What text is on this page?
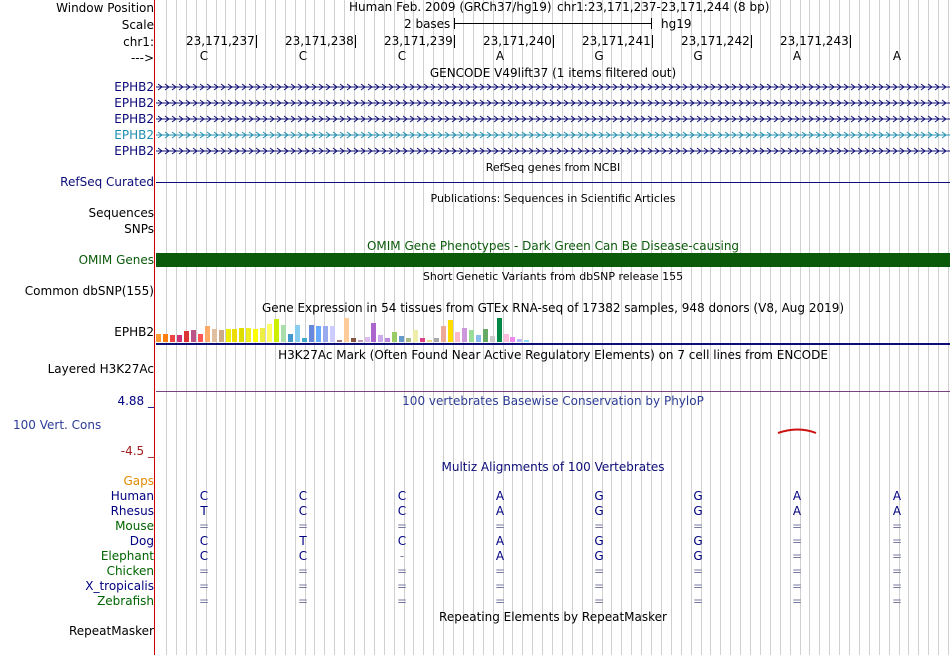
Window Position
Scale
chr1:
--->
Human Feb. 2009 (GRCh37/hg19) chr1:23,171,237-23,171,244 (8 bp)
2 bases	hg19
23,171,237	23,171,238	23,171,239	23,171,240	23,171,241	23,171,242	23,171,243
C	C	C	A	G	G	A	A
GENCODE V49lift37 (1 items filtered out)
EPHB2
EPHB2
EPHB2
EPHB2
EPHB2
RefSeq genes from NCBI
RefSeq Curated
Publications: Sequences in Scientific Articles
Sequences
SNPs
OMIM Gene Phenotypes - Dark Green Can Be Disease-causing
OMIM Genes
Short Genetic Variants from dbSNP release 155
Common dbSNP(155)
Gene Expression in 54 tissues from GTEx RNA-seq of 17382 samples, 948 donors (V8, Aug 2019)
EPHB2
H3K27Ac Mark (Often Found Near Active Regulatory Elements) on 7 cell lines from ENCODE
Layered H3K27Ac
4.88 _	100 vertebrates Basewise Conservation by PhyloP
100 Vert. Cons
-4.5 _
Multiz Alignments of 100 Vertebrates
Gaps
Human	C	C	C	A	G	G	A	A
Rhesus	T	C	C	A	G	G	A	A
Mouse	=	=	=	=	=	=	=	=
Dog	C	T	C	A	G	G	=	=
Elephant	C	C	-	A	G	G	=	=
Chicken	=	=	=	=	=	=	=	=
X_tropicalis	=	=	=	=	=	=	=	=
Zebrafish	=	=	=	=	=	=	=	=
Repeating Elements by RepeatMasker
RepeatMasker
